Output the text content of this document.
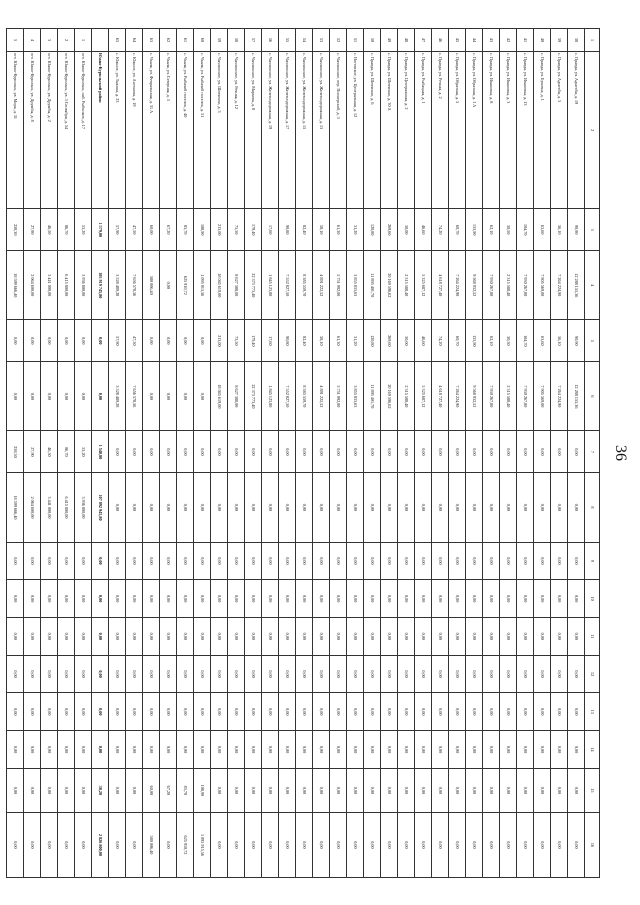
36
1	2	3	4	5	6	7	8	9	10	11	12	13	14	15	16
38	с. Правда, ул. Адыгейя, д. 19	90,90	12 288 155,36	90,90	12 288 155,36	0,00	0,00	0,00	0,00	0,00	0,00	0,00	0,00	0,00	0,00
39	с. Правда, ул. Адыгейя, д. 3	56,10	7 264 224,90	56,10	7 264 224,90	0,00	0,00	0,00	0,00	0,00	0,00	0,00	0,00	0,00	0,00
40	с. Правда, ул. Буковна, д. 1	63,60	7 905 569,00	63,60	7 905 569,00	0,00	0,00	0,00	0,00	0,00	0,00	0,00	0,00	0,00	0,00
41	с. Правда, ул. Ивановка, д. 13	104,70	7 930 267,80	104,70	7 930 267,80	0,00	0,00	0,00	0,00	0,00	0,00	0,00	0,00	0,00	0,00
42	с. Правда, ул. Ивановка, д. 3	30,50	2 315 588,40	30,50	2 315 588,40	0,00	0,00	0,00	0,00	0,00	0,00	0,00	0,00	0,00	0,00
43	с. Правда, ул. Ивановка, д. 8	62,10	7 930 267,80	62,10	7 930 267,80	0,00	0,00	0,00	0,00	0,00	0,00	0,00	0,00	0,00	0,00
44	с. Правда, ул. Образная, д. 1 А	133,90	9 568 932,52	133,90	9 568 932,52	0,00	0,00	0,00	0,00	0,00	0,00	0,00	0,00	0,00	0,00
45	с. Правда, ул. Образная, д. 5	60,70	7 264 224,90	60,70	7 264 224,90	0,00	0,00	0,00	0,00	0,00	0,00	0,00	0,00	0,00	0,00
46	с. Правда, ул. Речная, д. 2	74,20	4 618 727,40	74,20	4 618 727,40	0,00	0,00	0,00	0,00	0,00	0,00	0,00	0,00	0,00	0,00
47	с. Правда, ул. Рыбацкая, д. 1	46,60	5 325 687,12	46,60	5 325 687,12	0,00	0,00	0,00	0,00	0,00	0,00	0,00	0,00	0,00	0,00
48	с. Правда, ул. Центральная, д. 2	30,00	2 315 588,40	30,00	2 315 588,40	0,00	0,00	0,00	0,00	0,00	0,00	0,00	0,00	0,00	0,00
49	с. Правда, ул. Шевченко, д. 30 А	269,60	20 169 596,62	269,60	20 169 596,62	0,00	0,00	0,00	0,00	0,00	0,00	0,00	0,00	0,00	0,00
50	с. Правда, ул. Шевченко, д. 6	120,80	11 895 401,70	120,80	11 895 401,70	0,00	0,00	0,00	0,00	0,00	0,00	0,00	0,00	0,00	0,00
51	с. Ноговское, ул. Центральная, д. 12	31,20	3 855 833,63	31,20	3 855 833,63	0,00	0,00	0,00	0,00	0,00	0,00	0,00	0,00	0,00	0,00
52	с. Чаплинское, пер. Пионерский, д. 3	61,30	5 751 992,00	61,30	5 751 992,00	0,00	0,00	0,00	0,00	0,00	0,00	0,00	0,00	0,00	0,00
53	с. Чаплинское, ул. Железнодорожная, д. 13	58,10	4 891 222,52	58,10	4 891 222,52	0,00	0,00	0,00	0,00	0,00	0,00	0,00	0,00	0,00	0,00
54	с. Чаплинское, ул. Железнодорожная, д. 15	82,40	8 385 559,70	82,40	8 385 559,70	0,00	0,00	0,00	0,00	0,00	0,00	0,00	0,00	0,00	0,00
55	с. Чаплинское, ул. Железнодорожная, д. 17	90,80	7 552 827,50	90,80	7 552 827,50	0,00	0,00	0,00	0,00	0,00	0,00	0,00	0,00	0,00	0,00
56	с. Чаплинское, ул. Железнодорожная, д. 19	17,60	1 845 123,80	17,60	1 845 123,80	0,00	0,00	0,00	0,00	0,00	0,00	0,00	0,00	0,00	0,00
57	с. Чаплинское, ул. Маркова, д. 8	179,40	22 373 773,40	179,40	22 373 773,40	0,00	0,00	0,00	0,00	0,00	0,00	0,00	0,00	0,00	0,00
58	с. Чаплинское, ул. Речная, д. 12	75,50	8 627 388,00	75,50	8 627 388,00	0,00	0,00	0,00	0,00	0,00	0,00	0,00	0,00	0,00	0,00
59	с. Чаплинское, ул. Шевченко, д. 3	213,00	18 045 619,00	213,00	18 045 619,00	0,00	0,00	0,00	0,00	0,00	0,00	0,00	0,00	0,00	0,00
60	с. Чкаля, ул. Рыбачий поселок, д. 51	108,90	1 095 915,56	0,00	0,00	0,00	0,00	0,00	0,00	0,00	0,00	0,00	0,00	108,90	1 095 915,56
61	с. Чкаля, ул. Рыбачий поселок, д. 40	83,70	625 910,72	0,00	0,00	0,00	0,00	0,00	0,00	0,00	0,00	0,00	0,00	83,70	625 910,72
62	с. Чкаля, ул. Северная, д. 3	67,20	0,00	0,00	0,00	0,00	0,00	0,00	0,00	0,00	0,00	0,00	0,00	67,20	0,00
63	с. Чкаля, ул. Февральская, д. 31 А	60,00	580 006,40	0,00	0,00	0,00	0,00	0,00	0,00	0,00	0,00	0,00	0,00	60,00	580 006,40
64	с. Южное, ул. Антонова, д. 19	47,50	7 656 578,56	47,50	7 656 578,56	0,00	0,00	0,00	0,00	0,00	0,00	0,00	0,00	0,00	0,00
65	с. Южное, ул. Зыкина, д. 23	57,90	3 528 489,28	57,90	3 528 489,28	0,00	0,00	0,00	0,00	0,00	0,00	0,00	0,00	0,00	0,00
	Южно-Курильский район	1 579,00	105 919 745,80	0,00	0,00	1 540,80	107 892 945,80	0,00	0,00	0,00	0,00	0,00	0,00	38,20	2 826 800,00
1	пгт. Южно-Курильск, наб. Рыбников, д. 17	53,20	3 936 800,00	0,00	0,00	53,20	3 936 800,00	0,00	0,00	0,00	0,00	0,00	0,00	0,00	0,00
2	пгт. Южно-Курильск, ул. 3 Сентября, д. 54	86,70	6 415 800,00	0,00	0,00	86,70	6 415 800,00	0,00	0,00	0,00	0,00	0,00	0,00	0,00	0,00
3	пгт. Южно-Курильск, ул. Дружбы, д. 2	46,50	3 441 000,00	0,00	0,00	46,50	3 441 000,00	0,00	0,00	0,00	0,00	0,00	0,00	0,00	0,00
4	пгт. Южно-Курильск, ул. Дружбы, д. 8	27,90	2 064 600,00	0,00	0,00	27,90	2 064 600,00	0,00	0,00	0,00	0,00	0,00	0,00	0,00	0,00
5	пгт. Южно-Курильск, ул. Мира, д. 31	258,30	18 599 666,40	0,00	0,00	258,30	18 599 666,40	0,00	0,00	0,00	0,00	0,00	0,00	0,00	0,00
